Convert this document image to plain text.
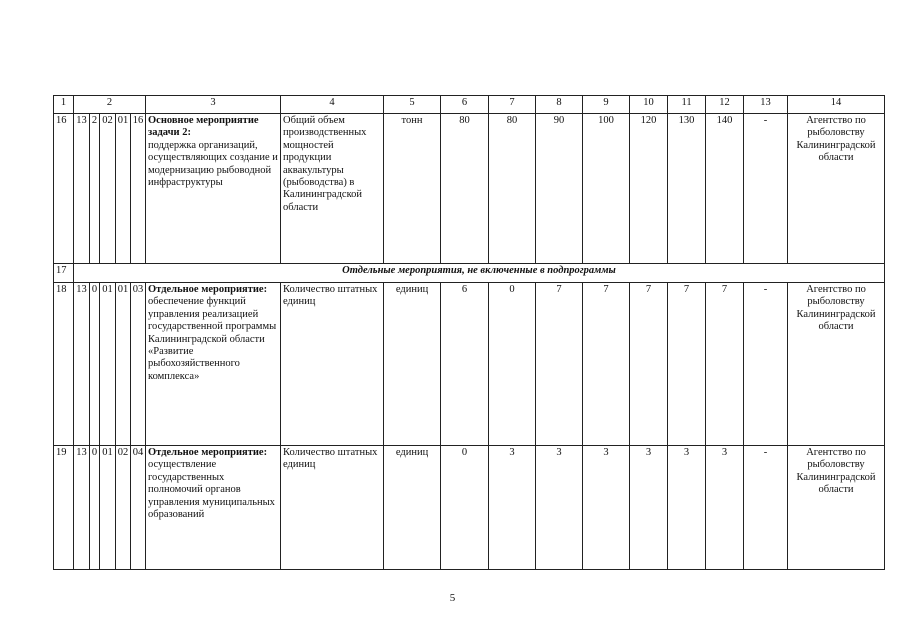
1	2					3	4	5	6	7	8	9	10	11	12	13	14
16	13	2	02	01	16	Основное мероприятие задачи 2:
поддержка организаций, осуществляющих создание и модернизацию рыбоводной инфраструктуры	Общий объем производственных мощностей продукции аквакультуры (рыбоводства) в Калининградской области	тонн	80	80	90	100	120	130	140	-	Агентство по рыболовству Калининградской области
17	Отдельные мероприятия, не включенные в подпрограммы																
18	13	0	01	01	03	Отдельное мероприятие:
обеспечение функций управления реализацией государственной программы Калининградской области «Развитие рыбохозяйственного комплекса»	Количество штатных единиц	единиц	6	0	7	7	7	7	7	-	Агентство по рыболовству Калининградской области
19	13	0	01	02	04	Отдельное мероприятие:
осуществление государственных полномочий органов управления муниципальных образований	Количество штатных единиц	единиц	0	3	3	3	3	3	3	-	Агентство по рыболовству Калининградской области
5
